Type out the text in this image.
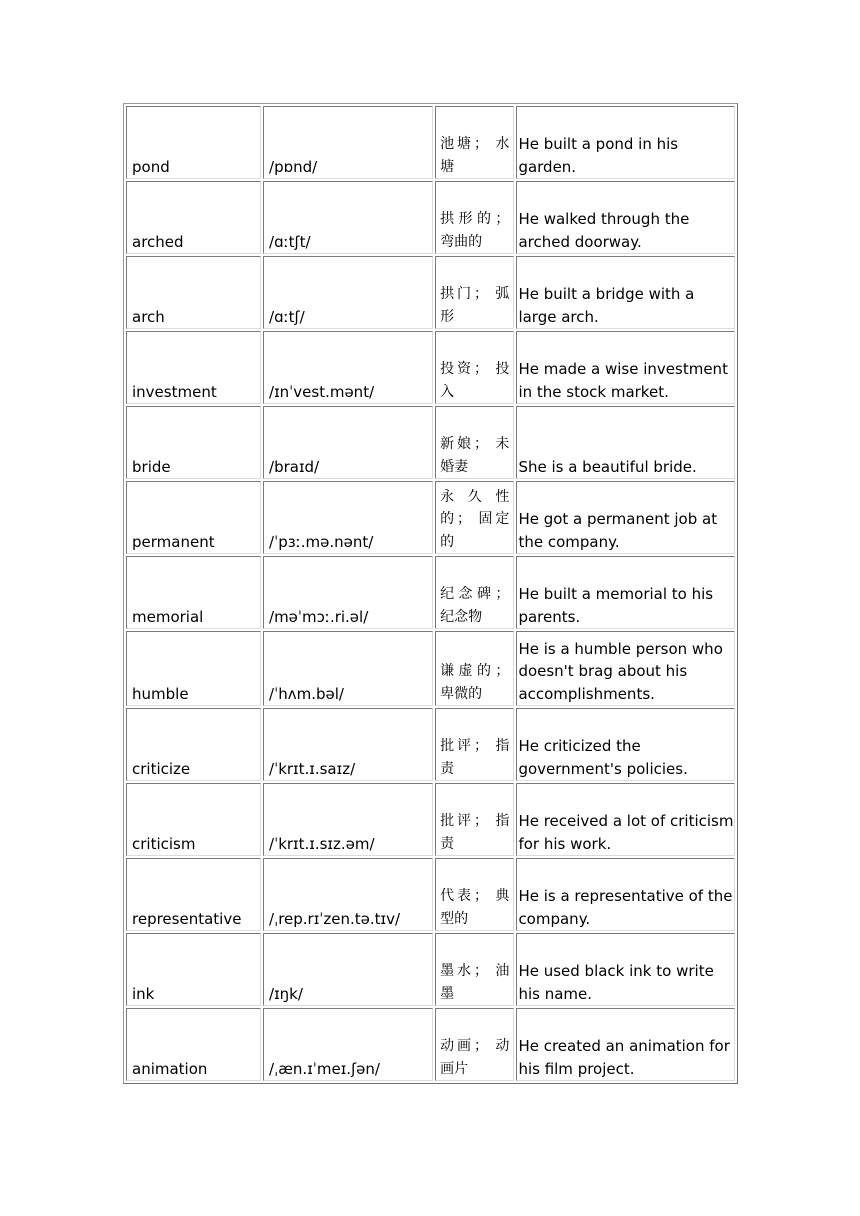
pond	/pɒnd/	池塘； 水塘	He built a pond in his garden.
arched	/ɑːtʃt/	拱形的； 弯曲的	He walked through the arched doorway.
arch	/ɑːtʃ/	拱门； 弧形	He built a bridge with a large arch.
investment	/ɪnˈvest.mənt/	投资； 投入	He made a wise investment in the stock market.
bride	/braɪd/	新娘； 未婚妻	She is a beautiful bride.
permanent	/ˈpɜː.mə.nənt/	永久性的； 固定的	He got a permanent job at the company.
memorial	/məˈmɔː.ri.əl/	纪念碑； 纪念物	He built a memorial to his parents.
humble	/ˈhʌm.bəl/	谦虚的； 卑微的	He is a humble person who doesn't brag about his accomplishments.
criticize	/ˈkrɪt.ɪ.saɪz/	批评； 指责	He criticized the government's policies.
criticism	/ˈkrɪt.ɪ.sɪz.əm/	批评； 指责	He received a lot of criticism for his work.
representative	/ˌrep.rɪˈzen.tə.tɪv/	代表； 典型的	He is a representative of the company.
ink	/ɪŋk/	墨水； 油墨	He used black ink to write his name.
animation	/ˌæn.ɪˈmeɪ.ʃən/	动画； 动画片	He created an animation for his film project.
